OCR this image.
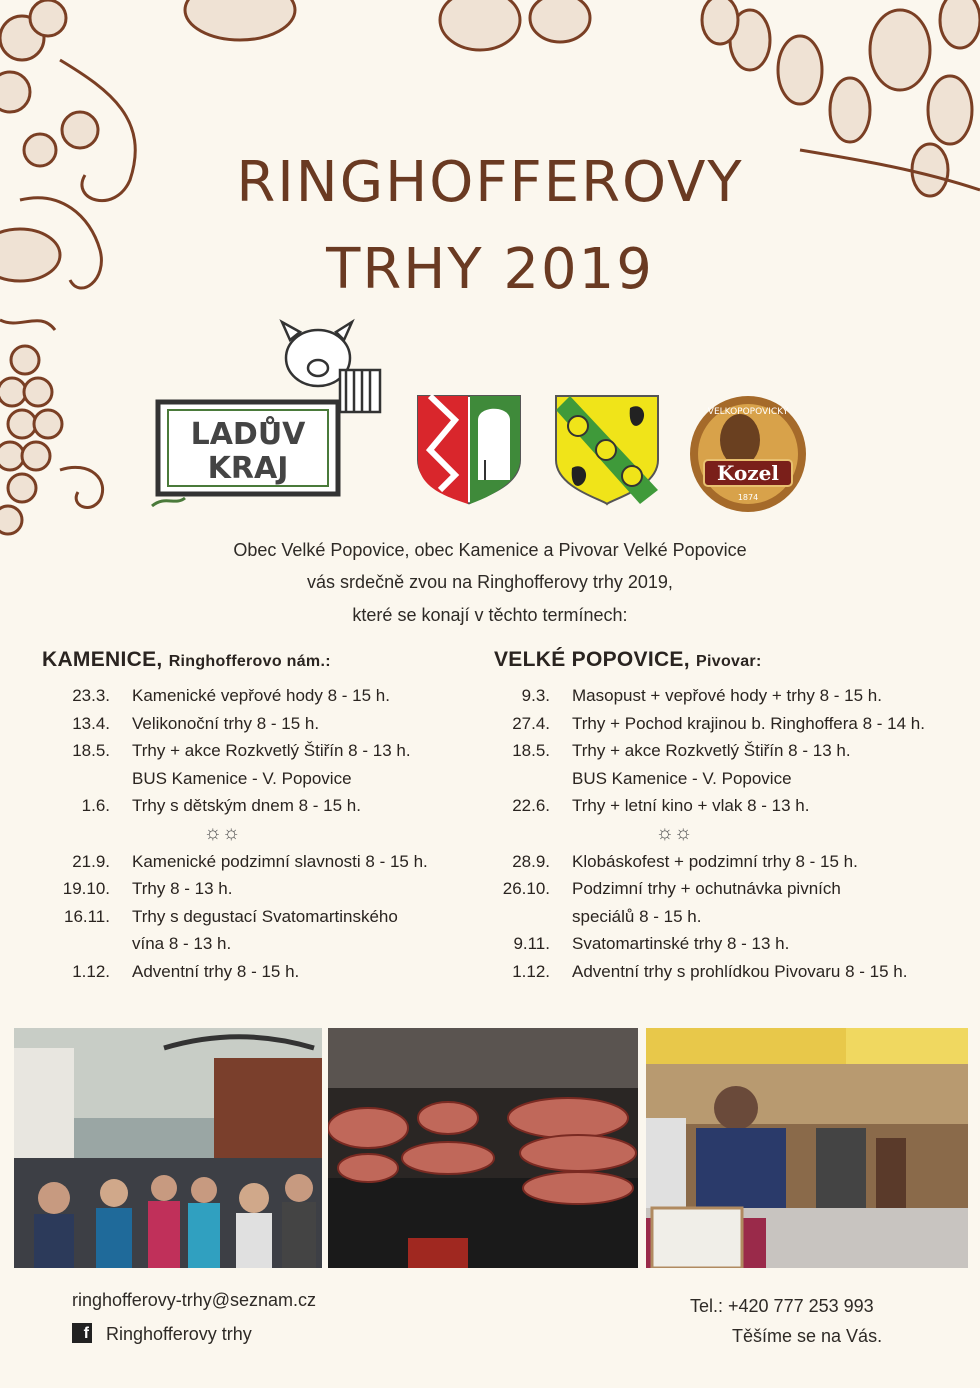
RINGHOFFEROVY
TRHY 2019
LADŮV
KRAJ
VELKOPOPOVICKÝ
Kozel
1874
Obec Velké Popovice, obec Kamenice a Pivovar Velké Popovice
vás srdečně zvou na Ringhofferovy trhy 2019,
které se konají v těchto termínech:
KAMENICE, Ringhofferovo nám.:
23.3.	Kamenické vepřové hody 8 - 15 h.
13.4.	Velikonoční trhy 8 - 15 h.
18.5.	Trhy + akce Rozkvetlý Štiřín 8 - 13 h.
BUS Kamenice - V. Popovice
1.6.	Trhy s dětským dnem 8 - 15 h.
☼☼
21.9.	Kamenické podzimní slavnosti 8 - 15 h.
19.10.	Trhy 8 - 13 h.
16.11.	Trhy s degustací Svatomartinského
vína 8 - 13 h.
1.12.	Adventní trhy 8 - 15 h.
VELKÉ POPOVICE, Pivovar:
9.3.	Masopust + vepřové hody + trhy 8 - 15 h.
27.4.	Trhy + Pochod krajinou b. Ringhoffera 8 - 14 h.
18.5.	Trhy + akce Rozkvetlý Štiřín 8 - 13 h.
BUS Kamenice - V. Popovice
22.6.	Trhy + letní kino + vlak 8 - 13 h.
☼☼
28.9.	Klobáskofest + podzimní trhy 8 - 15 h.
26.10.	Podzimní trhy + ochutnávka pivních
speciálů 8 - 15 h.
9.11.	Svatomartinské trhy 8 - 13 h.
1.12.	Adventní trhy s prohlídkou Pivovaru 8 - 15 h.
ringhofferovy-trhy@seznam.cz
f Ringhofferovy trhy
Tel.: +420 777 253 993
Těšíme se na Vás.
